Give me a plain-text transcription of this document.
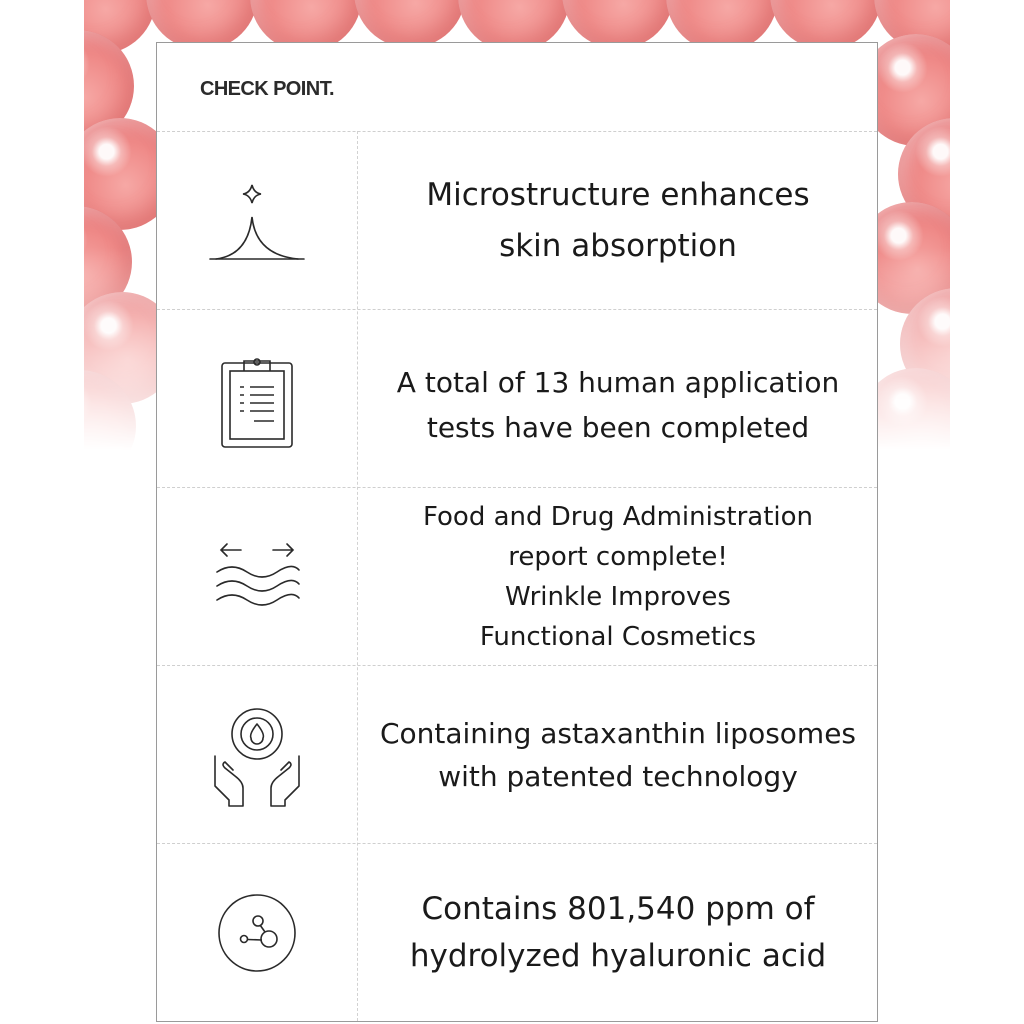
CHECK POINT.
Microstructure enhances
skin absorption
A total of 13 human application
tests have been completed
Food and Drug Administration
report complete!
Wrinkle Improves
Functional Cosmetics
Containing astaxanthin liposomes
with patented technology
Contains 801,540 ppm of
hydrolyzed hyaluronic acid
